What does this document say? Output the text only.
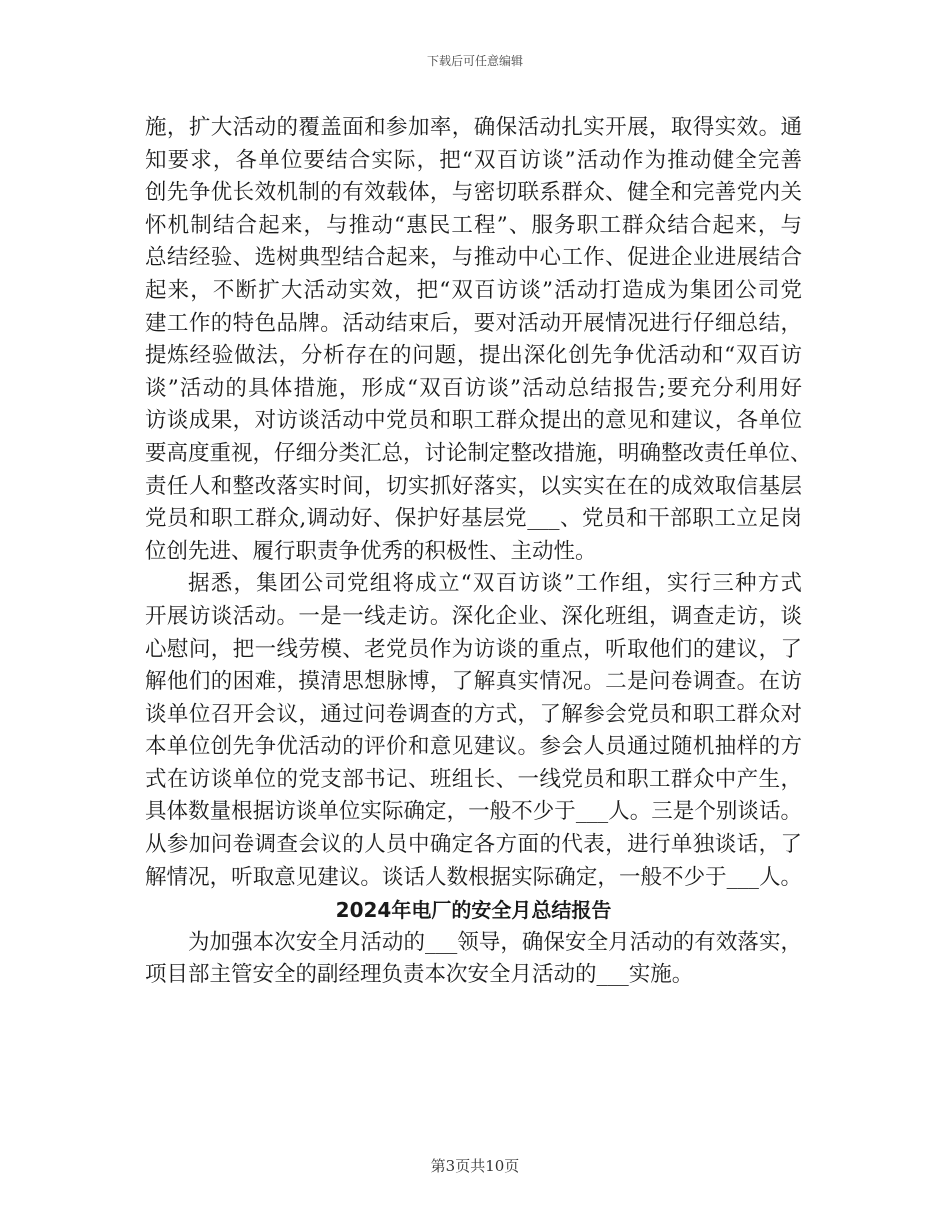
下载后可任意编辑
施，扩大活动的覆盖面和参加率，确保活动扎实开展，取得实效。通
知要求，各单位要结合实际，把“双百访谈”活动作为推动健全完善
创先争优长效机制的有效载体，与密切联系群众、健全和完善党内关
怀机制结合起来，与推动“惠民工程”、服务职工群众结合起来，与
总结经验、选树典型结合起来，与推动中心工作、促进企业进展结合
起来，不断扩大活动实效，把“双百访谈”活动打造成为集团公司党
建工作的特色品牌。活动结束后，要对活动开展情况进行仔细总结，
提炼经验做法，分析存在的问题，提出深化创先争优活动和“双百访
谈”活动的具体措施，形成“双百访谈”活动总结报告;要充分利用好
访谈成果，对访谈活动中党员和职工群众提出的意见和建议，各单位
要高度重视，仔细分类汇总，讨论制定整改措施，明确整改责任单位、
责任人和整改落实时间，切实抓好落实，以实实在在的成效取信基层
党员和职工群众,调动好、保护好基层党___、党员和干部职工立足岗
位创先进、履行职责争优秀的积极性、主动性。
据悉，集团公司党组将成立“双百访谈”工作组，实行三种方式
开展访谈活动。一是一线走访。深化企业、深化班组，调查走访，谈
心慰问，把一线劳模、老党员作为访谈的重点，听取他们的建议，了
解他们的困难，摸清思想脉博，了解真实情况。二是问卷调查。在访
谈单位召开会议，通过问卷调查的方式，了解参会党员和职工群众对
本单位创先争优活动的评价和意见建议。参会人员通过随机抽样的方
式在访谈单位的党支部书记、班组长、一线党员和职工群众中产生，
具体数量根据访谈单位实际确定，一般不少于___人。三是个别谈话。
从参加问卷调查会议的人员中确定各方面的代表，进行单独谈话，了
解情况，听取意见建议。谈话人数根据实际确定，一般不少于___人。
2024年电厂的安全月总结报告
为加强本次安全月活动的___领导，确保安全月活动的有效落实，
项目部主管安全的副经理负责本次安全月活动的___实施。
第3页共10页
